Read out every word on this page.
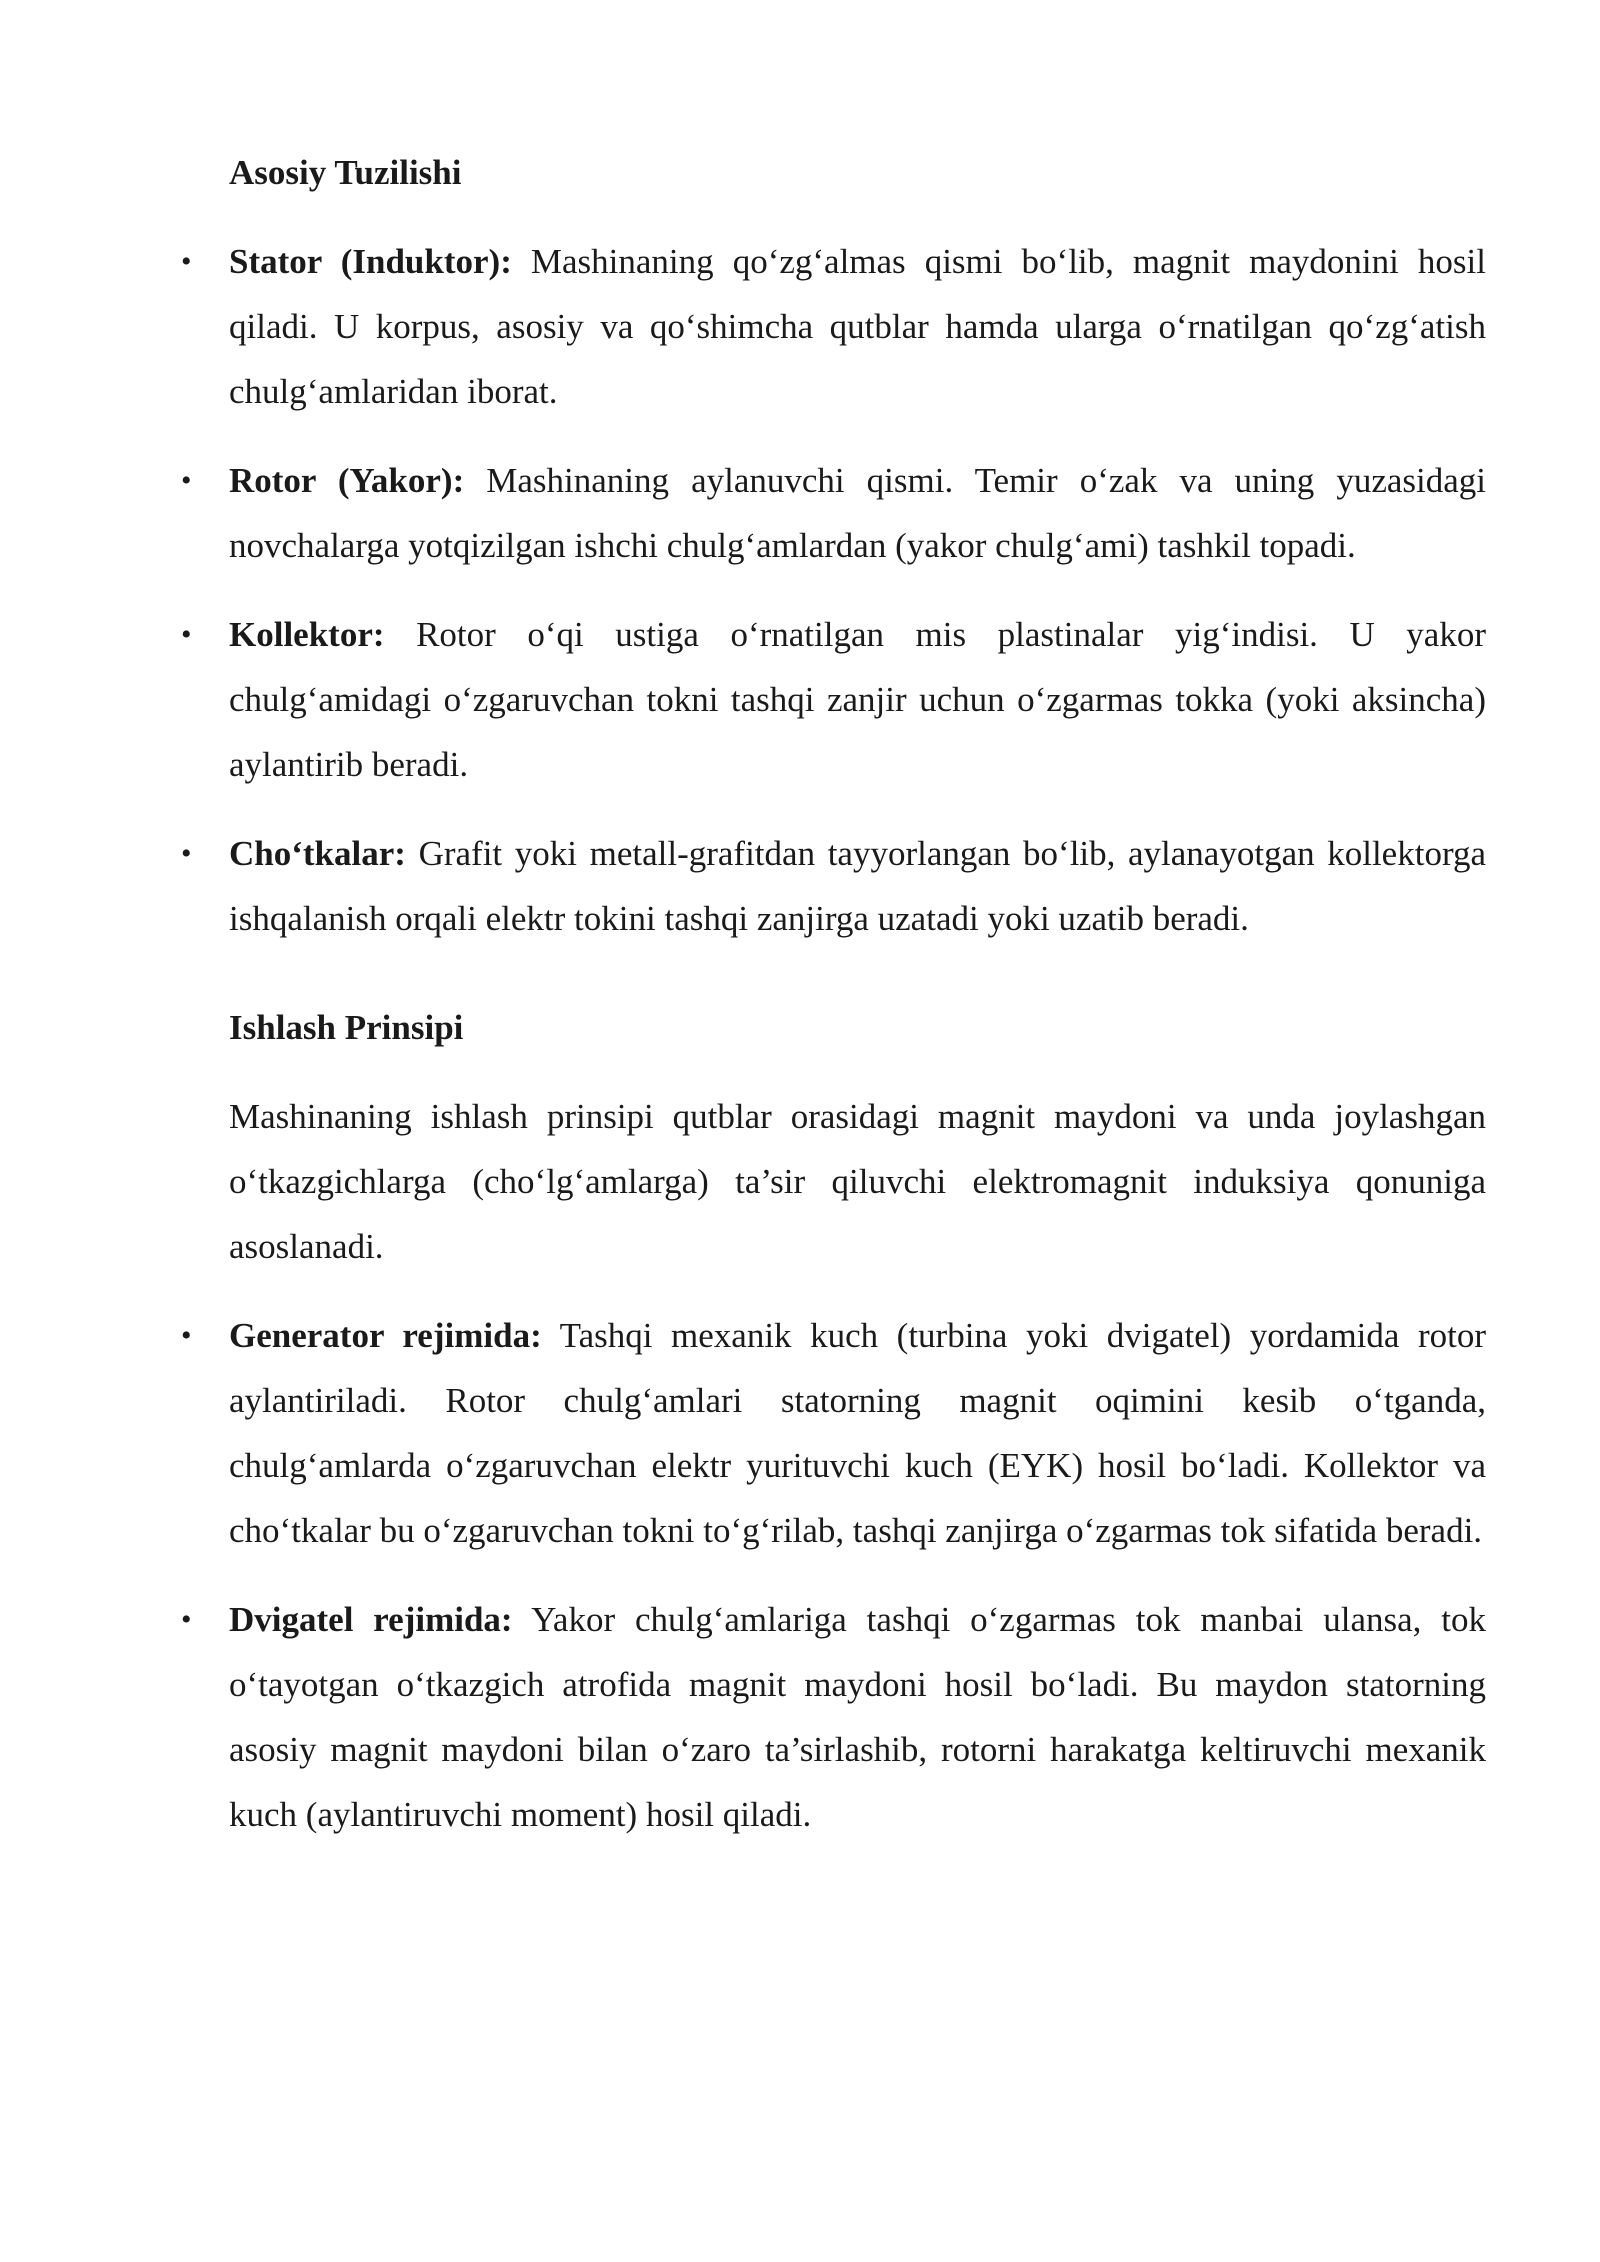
Asosiy Tuzilishi
• Stator (Induktor): Mashinaning qo‘zg‘almas qismi bo‘lib, magnit maydonini hosil qiladi. U korpus, asosiy va qo‘shimcha qutblar hamda ularga o‘rnatilgan qo‘zg‘atish chulg‘amlaridan iborat.
• Rotor (Yakor): Mashinaning aylanuvchi qismi. Temir o‘zak va uning yuzasidagi novchalarga yotqizilgan ishchi chulg‘amlardan (yakor chulg‘ami) tashkil topadi.
• Kollektor: Rotor o‘qi ustiga o‘rnatilgan mis plastinalar yig‘indisi. U yakor chulg‘amidagi o‘zgaruvchan tokni tashqi zanjir uchun o‘zgarmas tokka (yoki aksincha) aylantirib beradi.
• Cho‘tkalar: Grafit yoki metall-grafitdan tayyorlangan bo‘lib, aylanayotgan kollektorga ishqalanish orqali elektr tokini tashqi zanjirga uzatadi yoki uzatib beradi.
Ishlash Prinsipi

Mashinaning ishlash prinsipi qutblar orasidagi magnit maydoni va unda joylashgan o‘tkazgichlarga (cho‘lg‘amlarga) ta’sir qiluvchi elektromagnit induksiya qonuniga asoslanadi.

• Generator rejimida: Tashqi mexanik kuch (turbina yoki dvigatel) yordamida rotor aylantiriladi. Rotor chulg‘amlari statorning magnit oqimini kesib o‘tganda, chulg‘amlarda o‘zgaruvchan elektr yurituvchi kuch (EYK) hosil bo‘ladi. Kollektor va cho‘tkalar bu o‘zgaruvchan tokni to‘g‘rilab, tashqi zanjirga o‘zgarmas tok sifatida beradi.
• Dvigatel rejimida: Yakor chulg‘amlariga tashqi o‘zgarmas tok manbai ulansa, tok o‘tayotgan o‘tkazgich atrofida magnit maydoni hosil bo‘ladi. Bu maydon statorning asosiy magnit maydoni bilan o‘zaro ta’sirlashib, rotorni harakatga keltiruvchi mexanik kuch (aylantiruvchi moment) hosil qiladi.
